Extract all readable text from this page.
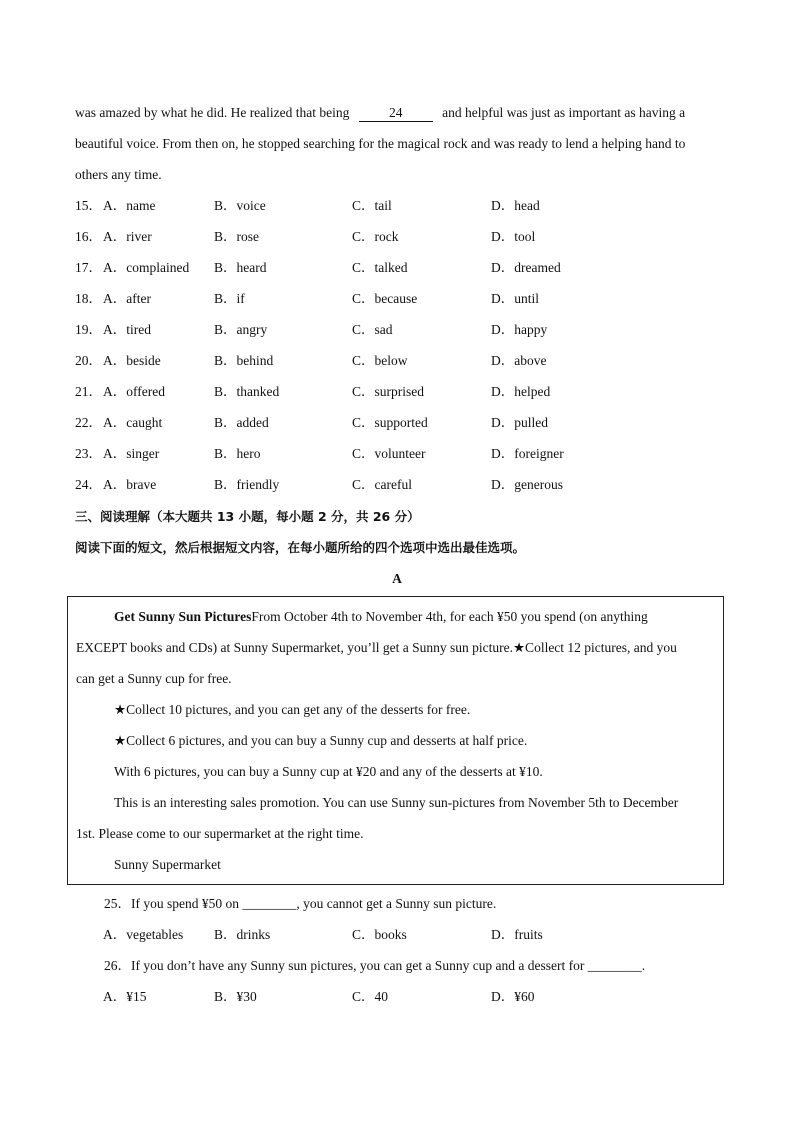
was amazed by what he did. He realized that being	24	and helpful was just as important as having a
beautiful voice. From then on, he stopped searching for the magical rock and was ready to lend a helping hand to
others any time.
15． A．name	B．voice	C．tail	D．head
16． A．river	B．rose	C．rock	D．tool
17． A．complained B．heard	C．talked	D．dreamed
18． A．after	B．if	C．because	D．until
19． A．tired	B．angry	C．sad	D．happy
20． A．beside	B．behind	C．below	D．above
21． A．offered	B．thanked	C．surprised	D．helped
22． A．caught	B．added	C．supported	D．pulled
23． A．singer	B．hero	C．volunteer	D．foreigner
24． A．brave	B．friendly	C．careful	D．generous
三、阅读理解（本大题共 13 小题，每小题 2 分，共 26 分）
阅读下面的短文，然后根据短文内容，在每小题所给的四个选项中选出最佳选项。
A
Get Sunny Sun PicturesFrom October 4th to November 4th, for each ¥50 you spend (on anything
EXCEPT books and CDs) at Sunny Supermarket, you’ll get a Sunny sun picture.★Collect 12 pictures, and you
can get a Sunny cup for free.
★Collect 10 pictures, and you can get any of the desserts for free.
★Collect 6 pictures, and you can buy a Sunny cup and desserts at half price.
With 6 pictures, you can buy a Sunny cup at ¥20 and any of the desserts at ¥10.
This is an interesting sales promotion. You can use Sunny sun-pictures from November 5th to December
1st. Please come to our supermarket at the right time.
Sunny Supermarket
25．If you spend ¥50 on ________, you cannot get a Sunny sun picture.
A．vegetables B．drinks	C．books	D．fruits
26．If you don’t have any Sunny sun pictures, you can get a Sunny cup and a dessert for ________.
A．¥15	B．¥30	C．40	D．¥60
